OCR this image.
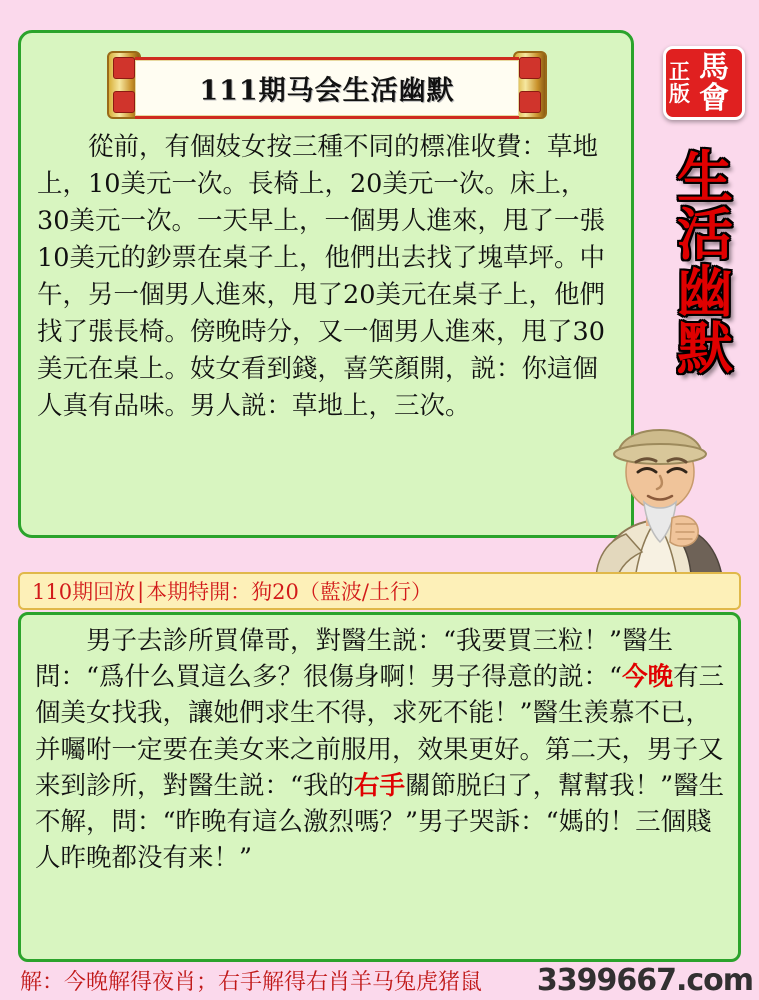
111期马会生活幽默
從前，有個妓女按三種不同的標准收費：草地上，10美元一次。長椅上，20美元一次。床上，30美元一次。一天早上，一個男人進來，甩了一張10美元的鈔票在桌子上，他們出去找了塊草坪。中午，另一個男人進來，甩了20美元在桌子上，他們找了張長椅。傍晚時分，又一個男人進來，甩了30美元在桌上。妓女看到錢，喜笑顏開，説：你這個人真有品味。男人説：草地上，三次。
正版
馬會
生
活
幽
默
110期回放 | 本期特開：狗20（藍波/土行）
男子去診所買偉哥，對醫生説：“我要買三粒！”醫生問：“爲什么買這么多？很傷身啊！男子得意的説：“今晚有三個美女找我，讓她們求生不得，求死不能！”醫生羡慕不已，并囑咐一定要在美女来之前服用，效果更好。第二天，男子又来到診所，對醫生説：“我的右手關節脱臼了，幫幫我！”醫生不解，問：“昨晚有這么激烈嗎？”男子哭訴：“媽的！三個賤人昨晚都没有来！”
解：今晚解得夜肖；右手解得右肖羊马兔虎猪鼠	3399667.com
